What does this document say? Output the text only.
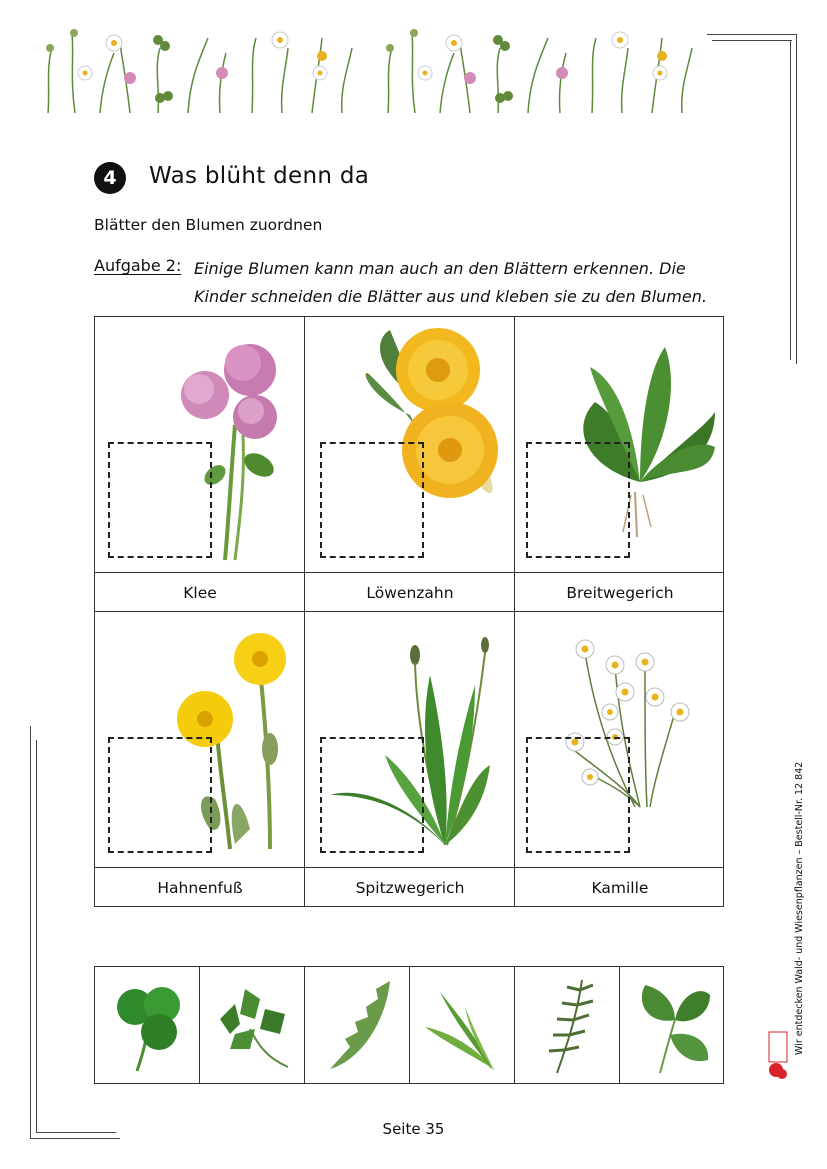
4	Was blüht denn da
Blätter den Blumen zuordnen
Aufgabe 2: Einige Blumen kann man auch an den Blättern erkennen. Die
Kinder schneiden die Blätter aus und kleben sie zu den Blumen.
Klee	Löwenzahn	Breitwegerich
Hahnenfuß	Spitzwegerich	Kamille	Wir entdecken Wald- und Wiesenpflanzen – Bestell-Nr. 12 842
Seite 35
